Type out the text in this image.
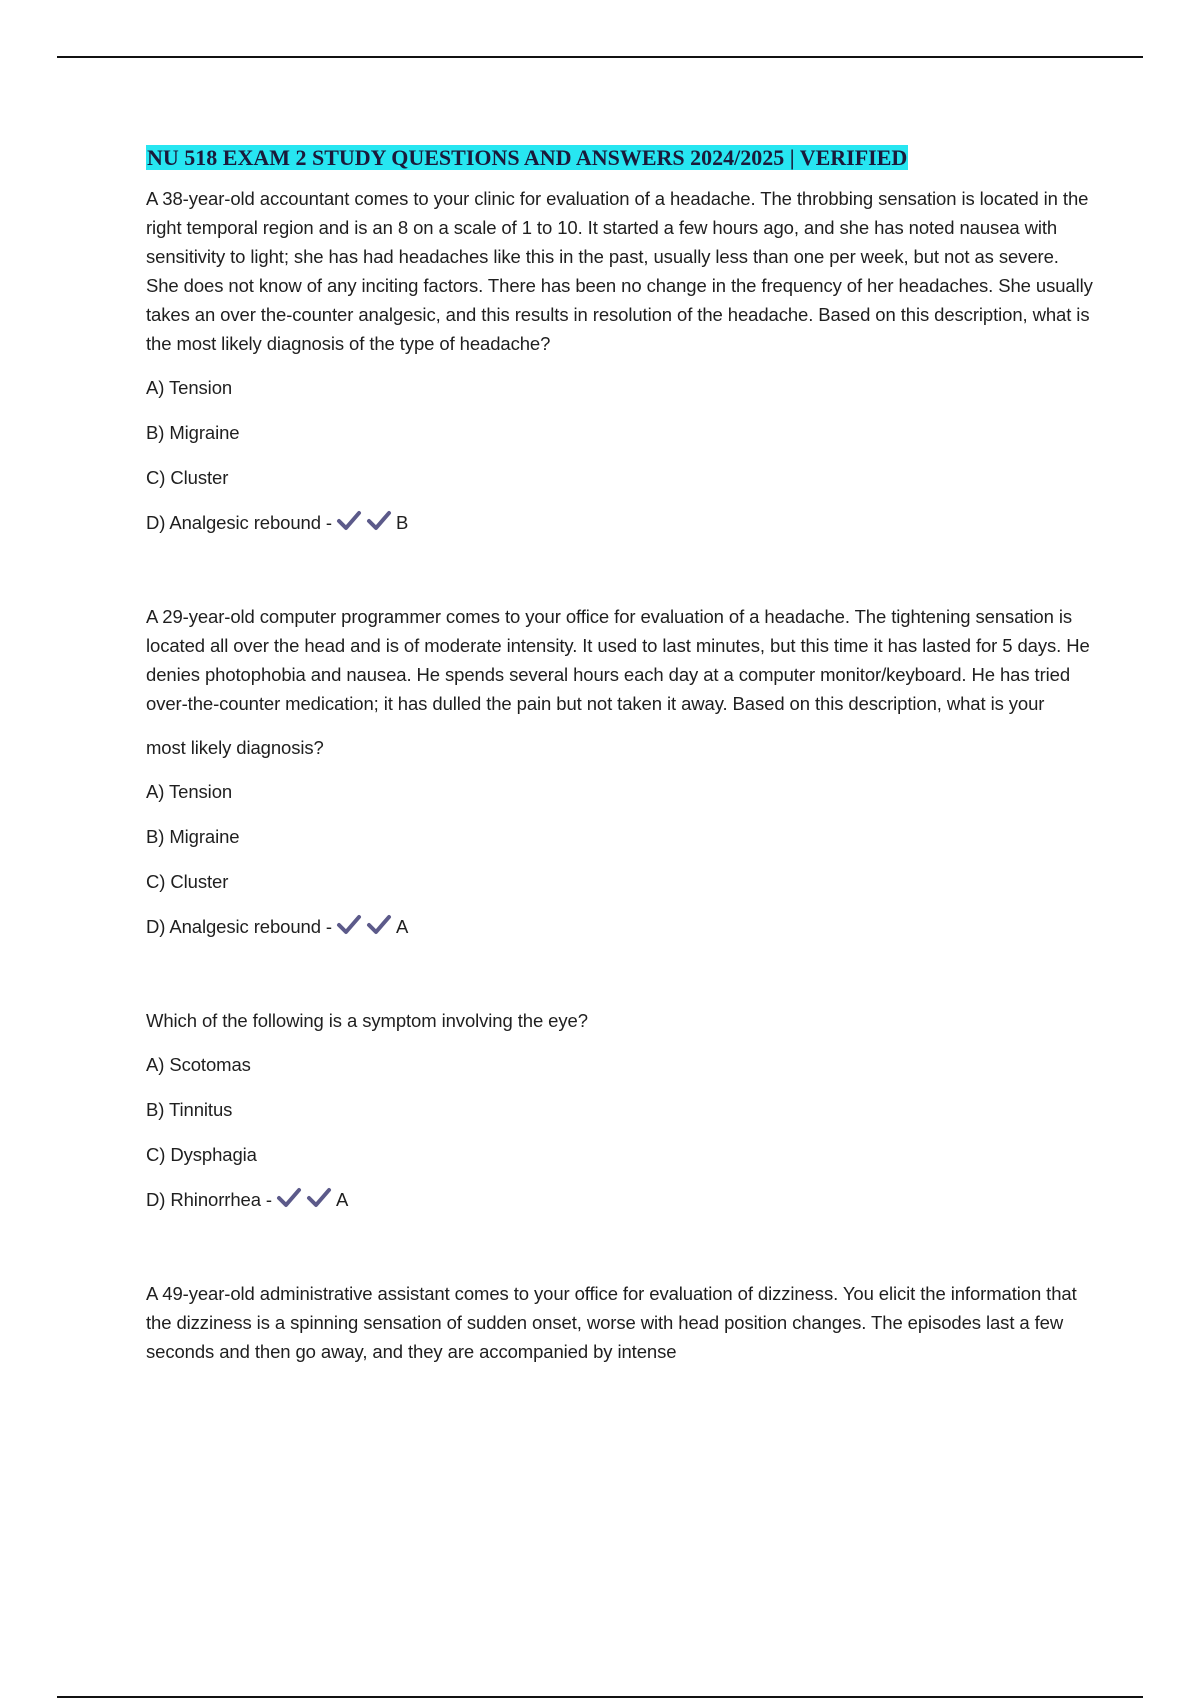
NU 518 EXAM 2 STUDY QUESTIONS AND ANSWERS 2024/2025 | VERIFIED

A 38-year-old accountant comes to your clinic for evaluation of a headache. The throbbing sensation is located in the right temporal region and is an 8 on a scale of 1 to 10. It started a few hours ago, and she has noted nausea with sensitivity to light; she has had headaches like this in the past, usually less than one per week, but not as severe. She does not know of any inciting factors. There has been no change in the frequency of her headaches. She usually takes an over the-counter analgesic, and this results in resolution of the headache. Based on this description, what is the most likely diagnosis of the type of headache?

A) Tension

B) Migraine

C) Cluster

D) Analgesic rebound -	B

A 29-year-old computer programmer comes to your office for evaluation of a headache. The tightening sensation is located all over the head and is of moderate intensity. It used to last minutes, but this time it has lasted for 5 days. He denies photophobia and nausea. He spends several hours each day at a computer monitor/keyboard. He has tried over-the-counter medication; it has dulled the pain but not taken it away. Based on this description, what is your

most likely diagnosis?

A) Tension

B) Migraine

C) Cluster

D) Analgesic rebound -	A

Which of the following is a symptom involving the eye?

A) Scotomas

B) Tinnitus

C) Dysphagia

D) Rhinorrhea -	A

A 49-year-old administrative assistant comes to your office for evaluation of dizziness. You elicit the information that the dizziness is a spinning sensation of sudden onset, worse with head position changes. The episodes last a few seconds and then go away, and they are accompanied by intense
